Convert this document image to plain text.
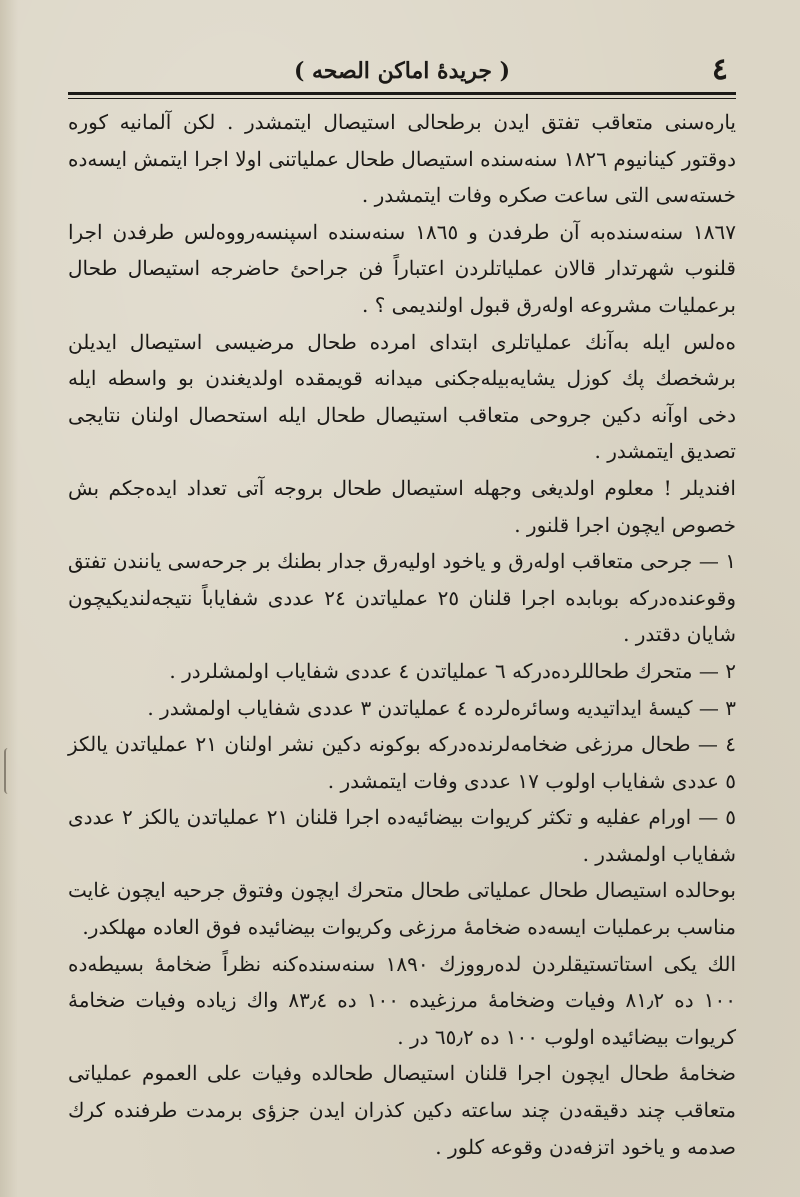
٤
( جريدهٔ اماكن الصحه )

يارەسنى متعاقب تفتق ايدن برطحالى استيصال ايتمشدر . لكن آلمانيه كوره دوقتور كينانيوم ١٨٢٦ سنەسنده استيصال طحال عملياتنى اولا اجرا ايتمش ايسەده خستەسى التى ساعت صكره وفات ايتمشدر .

١٨٦٧ سنەسندەبه آن طرفدن و ١٨٦٥ سنەسندە اسپنسەرووەلس طرفدن اجرا قلنوب شهرتدار قالان عملياتلردن اعتباراً فن جراحئ حاضرجه استيصال طحال برعمليات مشروعه اولەرق قبول اولندیمی ؟ .

ەەلس ايله بەآنك عملياتلرى ابتداى امرده طحال مرضيسى استيصال ايديلن برشخصك پك كوزل يشايەبيلەجكنى ميدانه قويمقده اولديغندن بو واسطه ايله دخى اوآنه دكين جروحى متعاقب استيصال طحال ايله استحصال اولنان نتايجى تصديق ايتمشدر .

افنديلر ! معلوم اولديغى وجهله استيصال طحال بروجه آتى تعداد ايده‌جكم بش خصوص ايچون اجرا قلنور .

١ — جرحى متعاقب اولەرق و ياخود اوليەرق جدار بطنك بر جرحەسى يانندن تفتق وقوعندەدركه بوبابده اجرا قلنان ٢٥ عملياتدن ٢٤ عددى شفاياباً نتيجەلنديكيچون شايان دقتدر .

٢ — متحرك طحاللردەدركه ٦ عملياتدن ٤ عددى شفاياب اولمشلردر .

٣ — كيسهٔ ايداتيديه وسائرەلرده ٤ عملياتدن ٣ عددى شفاياب اولمشدر .

٤ — طحال مرزغى ضخامەلرندەدركه بوكونه دكين نشر اولنان ٢١ عملياتدن يالكز ٥ عددى شفاياب اولوب ١٧ عددى وفات ايتمشدر .

٥ — اورام عفليه و تكثر كريوات بيضائيەده اجرا قلنان ٢١ عملياتدن يالكز ٢ عددى شفاياب اولمشدر .

بوحالده استيصال طحال عملياتى طحال متحرك ايچون وفتوق جرحيه ايچون غايت مناسب برعمليات ايسەده ضخامهٔ مرزغى وكريوات بيضائيده فوق العاده مهلكدر.

الك يكى استاتستيقلردن لدەرووزك ١٨٩٠ سنەسندەكنه نظراً ضخامهٔ بسيطەده ١٠٠ ده ٨١٫٢ وفيات وضخامهٔ مرزغيده ١٠٠ ده ٨٣٫٤ واك زياده وفيات ضخامهٔ كريوات بيضائيده اولوب ١٠٠ ده ٦٥٫٢ در .

ضخامهٔ طحال ايچون اجرا قلنان استيصال طحالده وفيات على العموم عملياتى متعاقب چند دقيقەدن چند ساعته دكين كذران ايدن جزؤى برمدت طرفنده كرك صدمه و ياخود اتزفەدن وقوعه كلور .
